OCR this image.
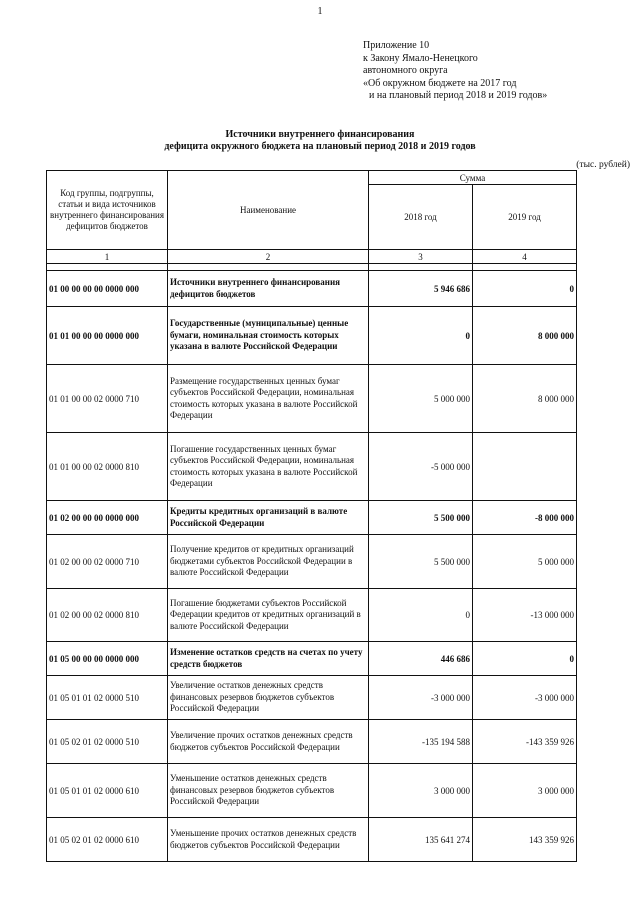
1
Приложение 10
к Закону Ямало-Ненецкого
автономного округа
«Об окружном бюджете на 2017 год
и на плановый период 2018 и 2019 годов»
Источники внутреннего финансирования
дефицита окружного бюджета на плановый период 2018 и 2019 годов
(тыс. рублей)
Код группы, подгруппы, статьи и вида источников внутреннего финансирования дефицитов бюджетов	Наименование	Сумма	
		2018 год	2019 год
1	2	3	4

01 00 00 00 00 0000 000	Источники внутреннего финансирования дефицитов бюджетов	5 946 686	0
01 01 00 00 00 0000 000	Государственные (муниципальные) ценные бумаги, номинальная стоимость которых указана в валюте Российской Федерации	0	8 000 000
01 01 00 00 02 0000 710	Размещение государственных ценных бумаг субъектов Российской Федерации, номинальная стоимость которых указана в валюте Российской Федерации	5 000 000	8 000 000
01 01 00 00 02 0000 810	Погашение государственных ценных бумаг субъектов Российской Федерации, номинальная стоимость которых указана в валюте Российской Федерации	-5 000 000	
01 02 00 00 00 0000 000	Кредиты кредитных организаций в валюте Российской Федерации	5 500 000	-8 000 000
01 02 00 00 02 0000 710	Получение кредитов от кредитных организаций бюджетами субъектов Российской Федерации в валюте Российской Федерации	5 500 000	5 000 000
01 02 00 00 02 0000 810	Погашение бюджетами субъектов Российской Федерации кредитов от кредитных организаций в валюте Российской Федерации	0	-13 000 000
01 05 00 00 00 0000 000	Изменение остатков средств на счетах по учету средств бюджетов	446 686	0
01 05 01 01 02 0000 510	Увеличение остатков денежных средств финансовых резервов бюджетов субъектов Российской Федерации	-3 000 000	-3 000 000
01 05 02 01 02 0000 510	Увеличение прочих остатков денежных средств бюджетов субъектов Российской Федерации	-135 194 588	-143 359 926
01 05 01 01 02 0000 610	Уменьшение остатков денежных средств финансовых резервов бюджетов субъектов Российской Федерации	3 000 000	3 000 000
01 05 02 01 02 0000 610	Уменьшение прочих остатков денежных средств бюджетов субъектов Российской Федерации	135 641 274	143 359 926
